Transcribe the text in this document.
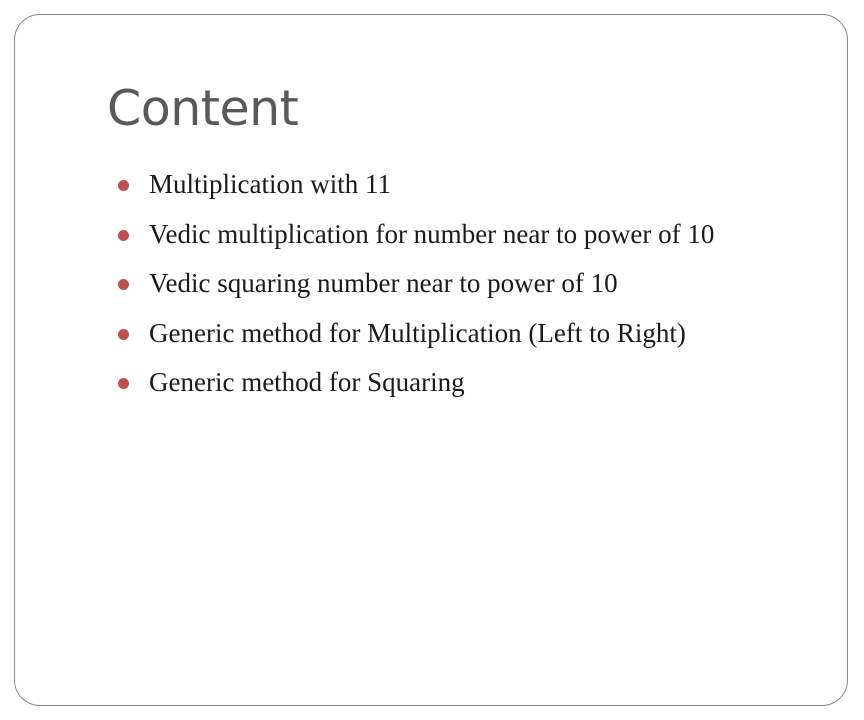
Content
Multiplication with 11
Vedic multiplication for number near to power of 10
Vedic squaring number near to power of 10
Generic method for Multiplication (Left to Right)
Generic method for Squaring
